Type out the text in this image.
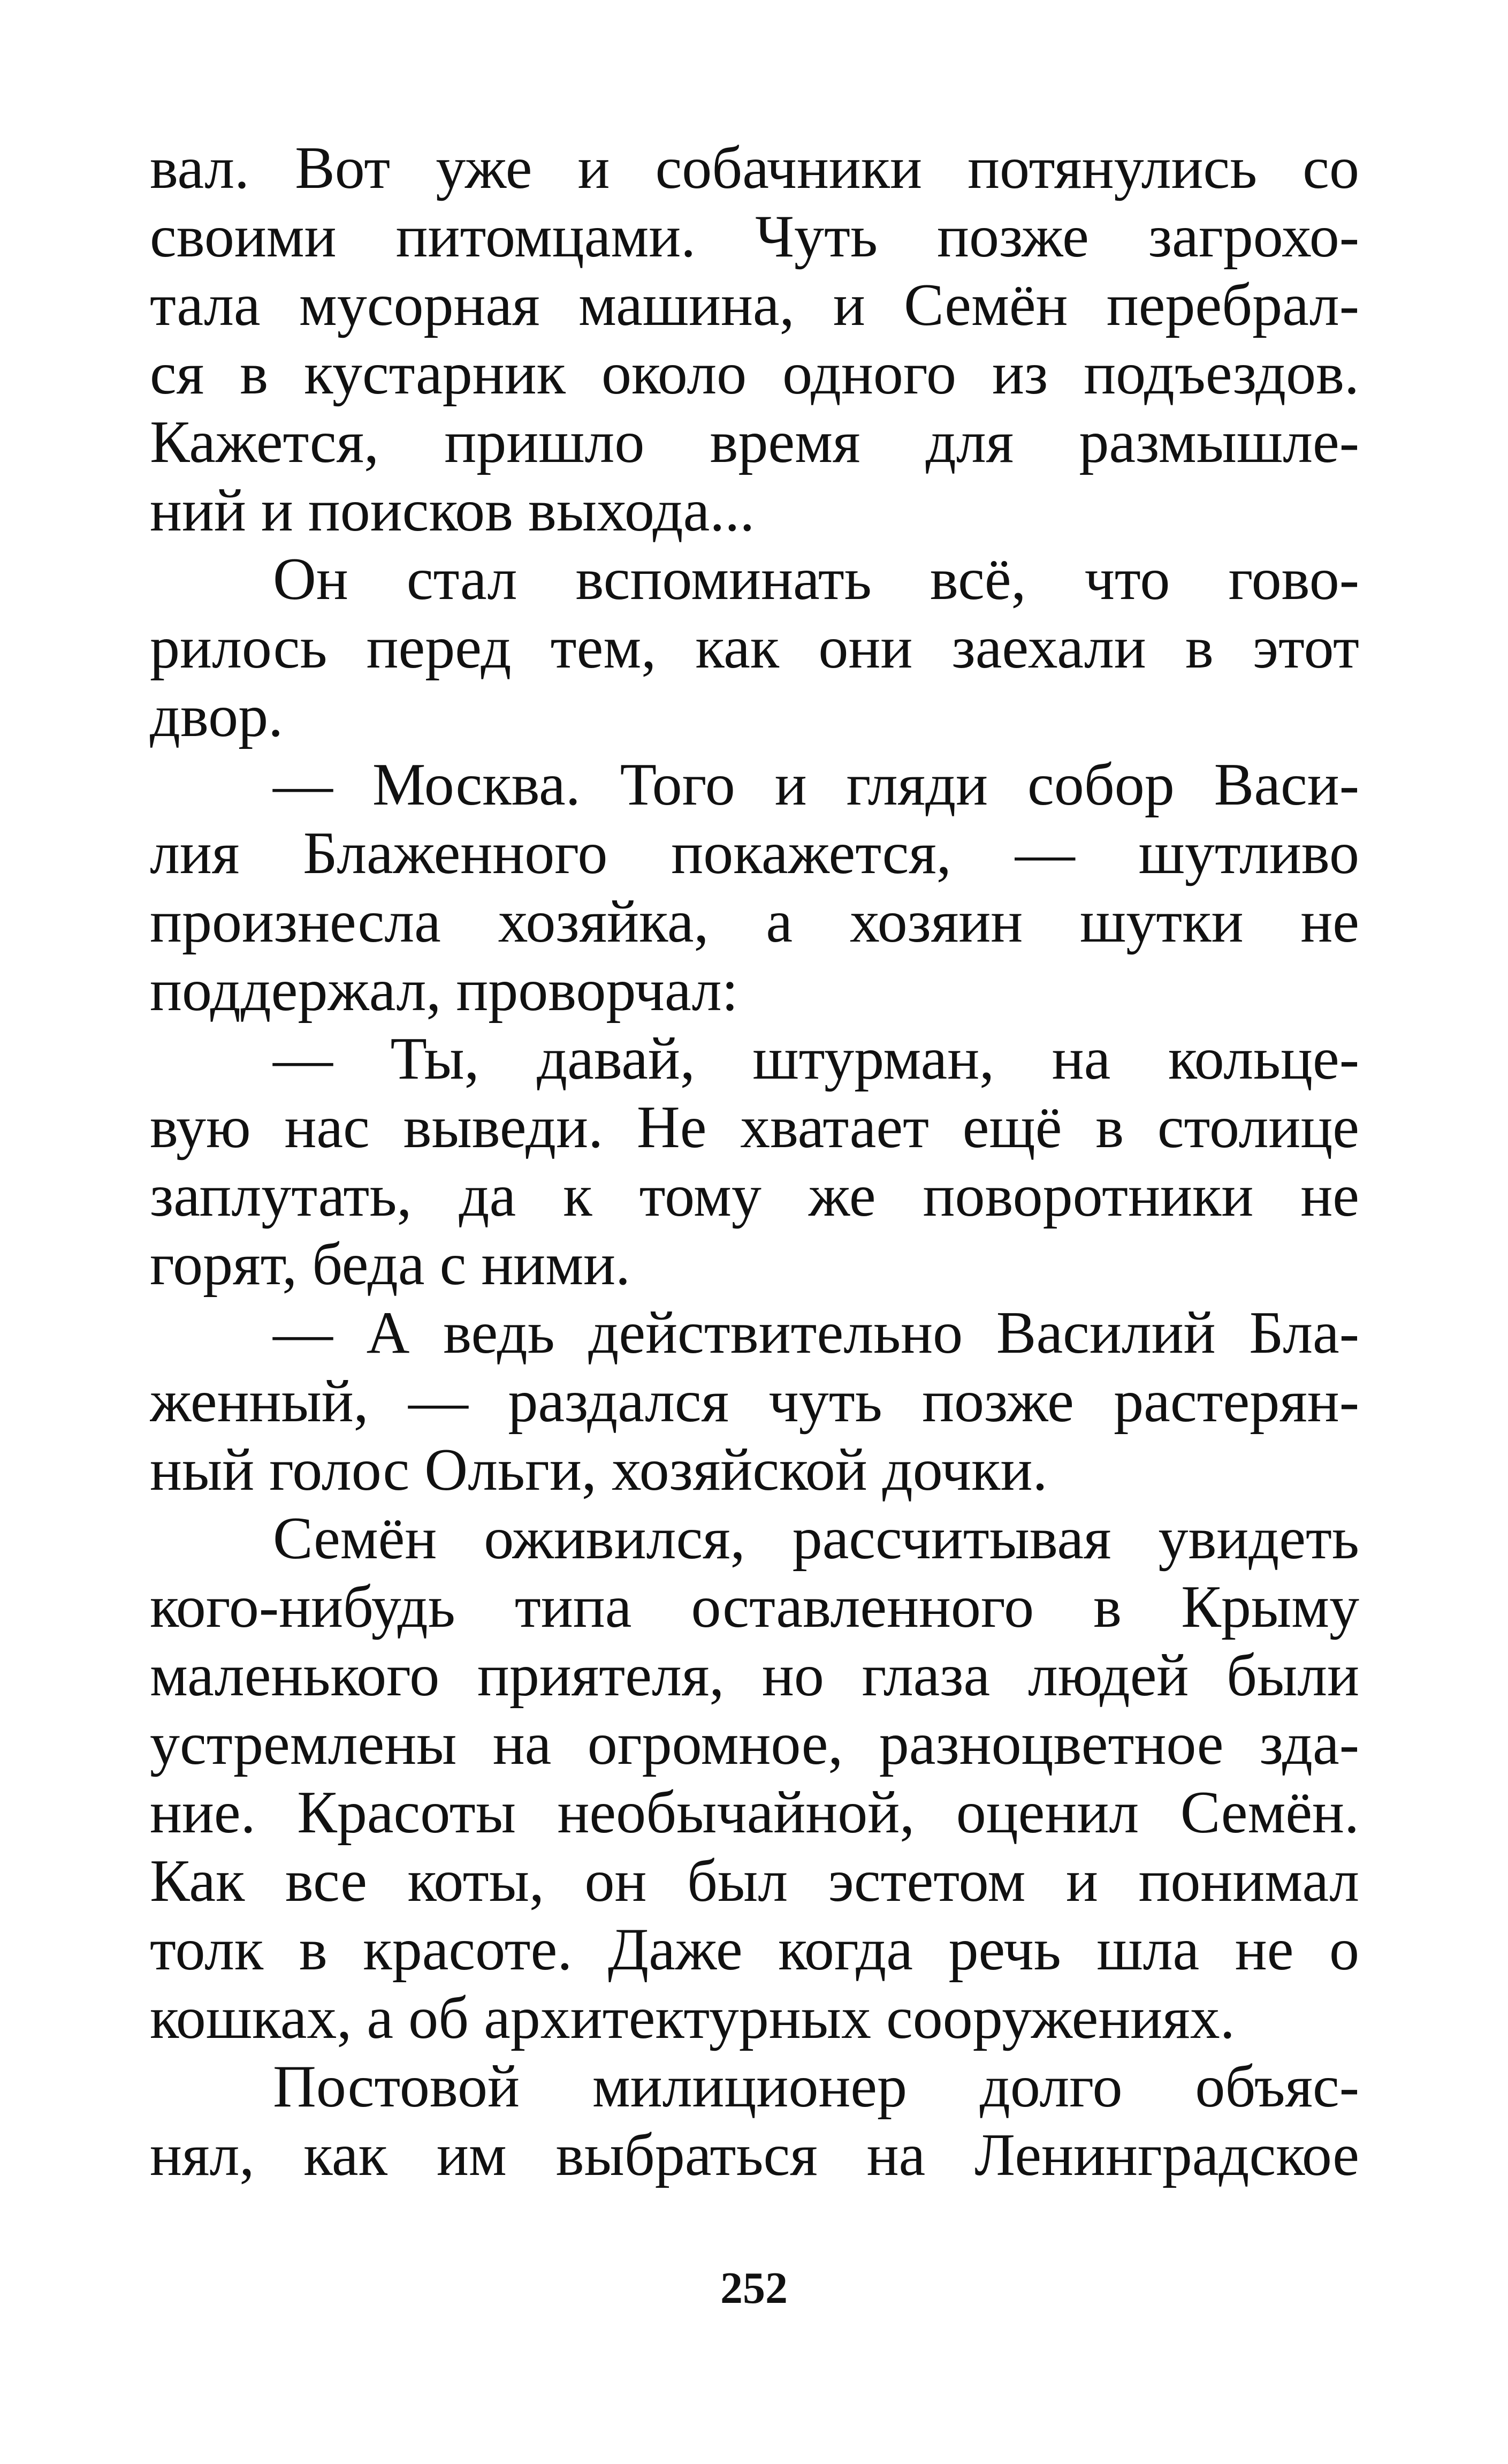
вал. Вот уже и собачники потянулись со
своими питомцами. Чуть позже загрохо-
тала мусорная машина, и Семён перебрал-
ся в кустарник около одного из подъездов.
Кажется, пришло время для размышле-
ний и поисков выхода...
Он стал вспоминать всё, что гово-
рилось перед тем, как они заехали в этот
двор.
— Москва. Того и гляди собор Васи-
лия Блаженного покажется, — шутливо
произнесла хозяйка, а хозяин шутки не
поддержал, проворчал:
— Ты, давай, штурман, на кольце-
вую нас выведи. Не хватает ещё в столице
заплутать, да к тому же поворотники не
горят, беда с ними.
— А ведь действительно Василий Бла-
женный, — раздался чуть позже растерян-
ный голос Ольги, хозяйской дочки.
Семён оживился, рассчитывая увидеть
кого-нибудь типа оставленного в Крыму
маленького приятеля, но глаза людей были
устремлены на огромное, разноцветное зда-
ние. Красоты необычайной, оценил Семён.
Как все коты, он был эстетом и понимал
толк в красоте. Даже когда речь шла не о
кошках, а об архитектурных сооружениях.
Постовой милиционер долго объяс-
нял, как им выбраться на Ленинградское
252
